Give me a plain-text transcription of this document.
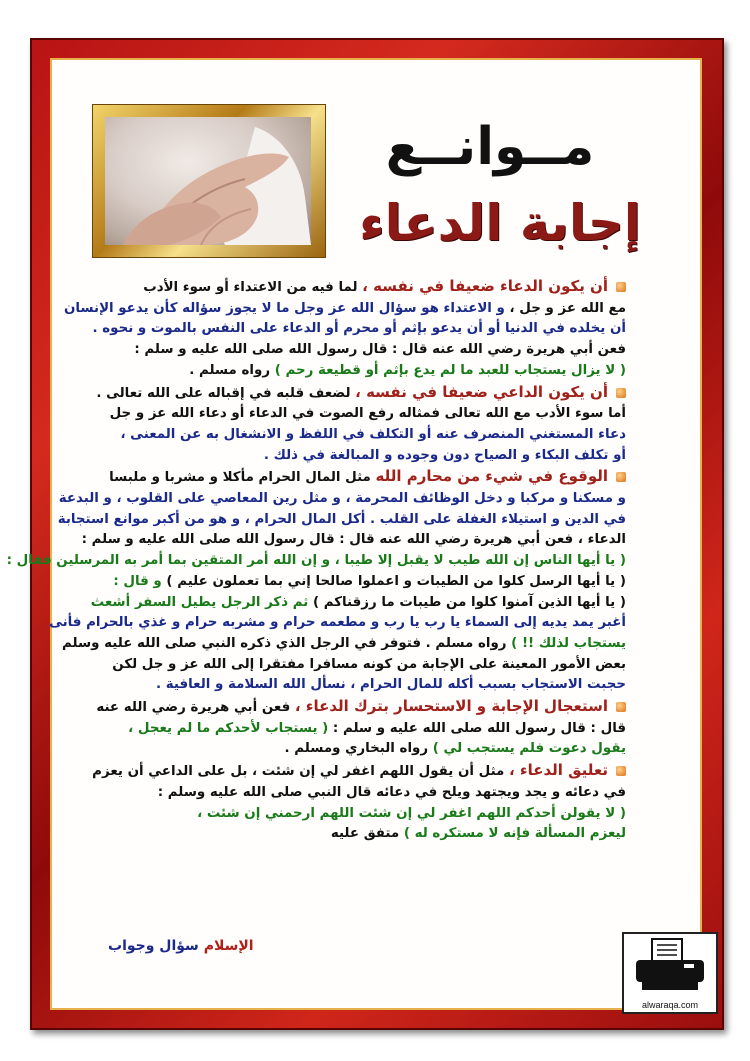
مــوانــع
إجابة الدعاء

أن يكون الدعاء ضعيفا في نفسه ، لما فيه من الاعتداء أو سوء الأدب

مع الله عز و جل ، و الاعتداء هو سؤال الله عز وجل ما لا يجوز سؤاله كأن يدعو الإنسان

أن يخلده في الدنيا أو أن يدعو بإثم أو محرم أو الدعاء على النفس بالموت و نحوه .

فعن أبي هريرة رضي الله عنه قال : قال رسول الله صلى الله عليه و سلم :

( لا يزال يستجاب للعبد ما لم يدع بإثم أو قطيعة رحم ) رواه مسلم .

أن يكون الداعي ضعيفا في نفسه ، لضعف قلبه في إقباله على الله تعالى .

أما سوء الأدب مع الله تعالى فمثاله رفع الصوت في الدعاء أو دعاء الله عز و جل

دعاء المستغني المنصرف عنه أو التكلف في اللفظ و الانشغال به عن المعنى ،

أو تكلف البكاء و الصياح دون وجوده و المبالغة في ذلك .

الوقوع في شيء من محارم الله مثل المال الحرام مأكلا و مشربا و ملبسا

و مسكنا و مركبا و دخل الوظائف المحرمة ، و مثل رين المعاصي على القلوب ، و البدعة

في الدين و استيلاء الغفلة على القلب . أكل المال الحرام ، و هو من أكبر موانع استجابة

الدعاء ، فعن أبي هريرة رضي الله عنه قال : قال رسول الله صلى الله عليه و سلم :

( يا أيها الناس إن الله طيب لا يقبل إلا طيبا ، و إن الله أمر المتقين بما أمر به المرسلين فقال :

( يا أيها الرسل كلوا من الطيبات و اعملوا صالحا إني بما تعملون عليم ) و قال :

( يا أيها الذين آمنوا كلوا من طيبات ما رزقناكم ) ثم ذكر الرجل يطيل السفر أشعث

أغبر يمد يديه إلى السماء يا رب يا رب و مطعمه حرام و مشربه حرام و غذي بالحرام فأنى

يستجاب لذلك !! ) رواه مسلم . فتوفر في الرجل الذي ذكره النبي صلى الله عليه وسلم

بعض الأمور المعينة على الإجابة من كونه مسافرا مفتقرا إلى الله عز و جل لكن

حجبت الاستجاب بسبب أكله للمال الحرام ، نسأل الله السلامة و العافية .

استعجال الإجابة و الاستحسار بترك الدعاء ، فعن أبي هريرة رضي الله عنه

قال : قال رسول الله صلى الله عليه و سلم : ( يستجاب لأحدكم ما لم يعجل ،

يقول دعوت فلم يستجب لي ) رواه البخاري ومسلم .

تعليق الدعاء ، مثل أن يقول اللهم اغفر لي إن شئت ، بل على الداعي أن يعزم

في دعائه و يجد ويجتهد ويلح في دعائه قال النبي صلى الله عليه وسلم :

( لا يقولن أحدكم اللهم اغفر لي إن شئت اللهم ارحمني إن شئت ،

ليعزم المسألة فإنه لا مستكره له ) متفق عليه

الإسلام سؤال وجواب
alwaraqa.com
